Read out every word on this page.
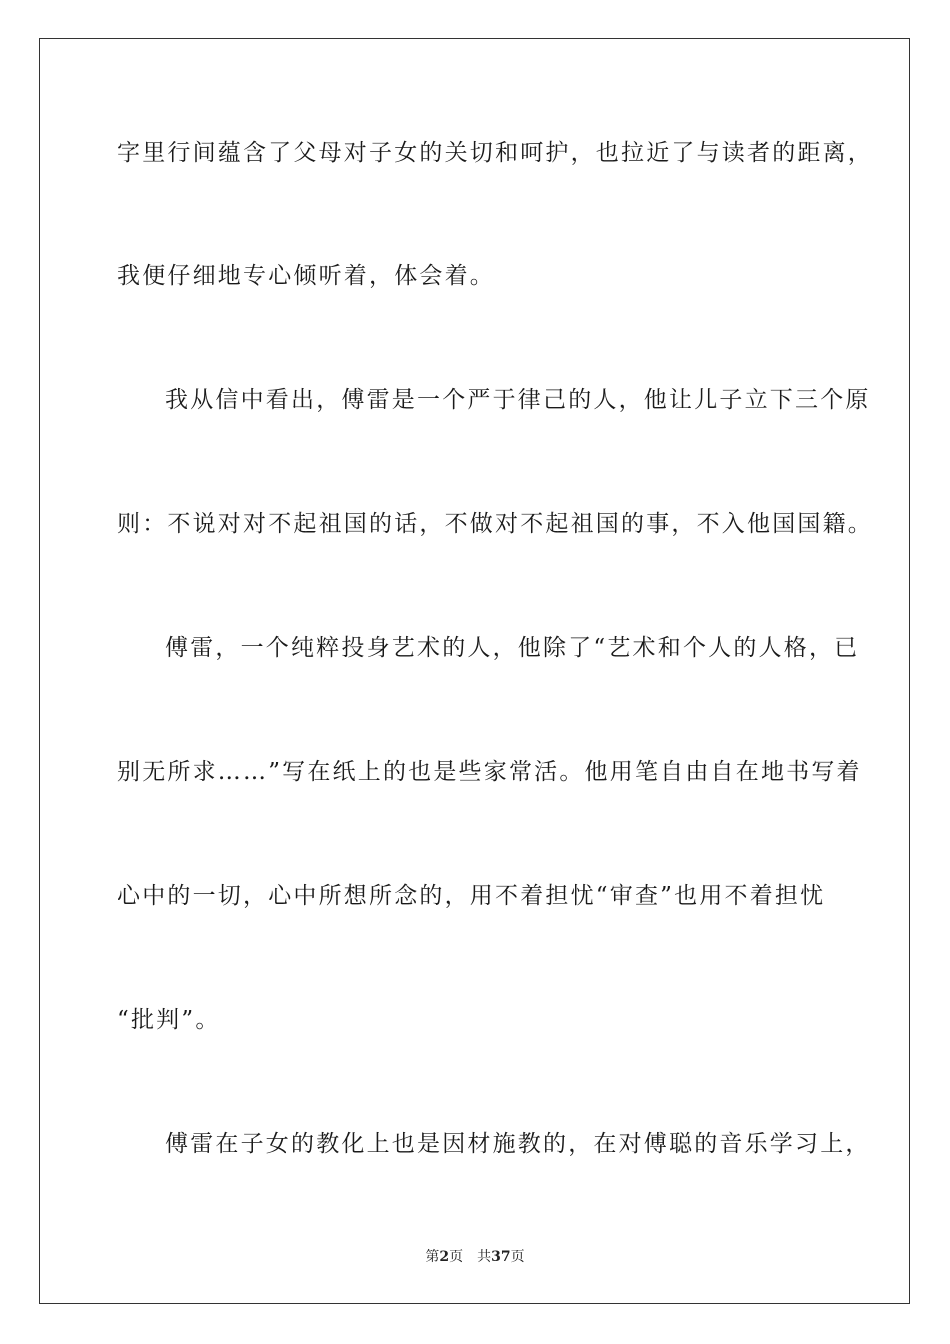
字里行间蕴含了父母对子女的关切和呵护，也拉近了与读者的距离，
我便仔细地专心倾听着，体会着。
我从信中看出，傅雷是一个严于律己的人，他让儿子立下三个原
则：不说对对不起祖国的话，不做对不起祖国的事，不入他国国籍。
傅雷，一个纯粹投身艺术的人，他除了“艺术和个人的人格，已
别无所求……”写在纸上的也是些家常活。他用笔自由自在地书写着
心中的一切，心中所想所念的，用不着担忧“审查”也用不着担忧
“批判”。
傅雷在子女的教化上也是因材施教的，在对傅聪的音乐学习上，
第2页 共37页
